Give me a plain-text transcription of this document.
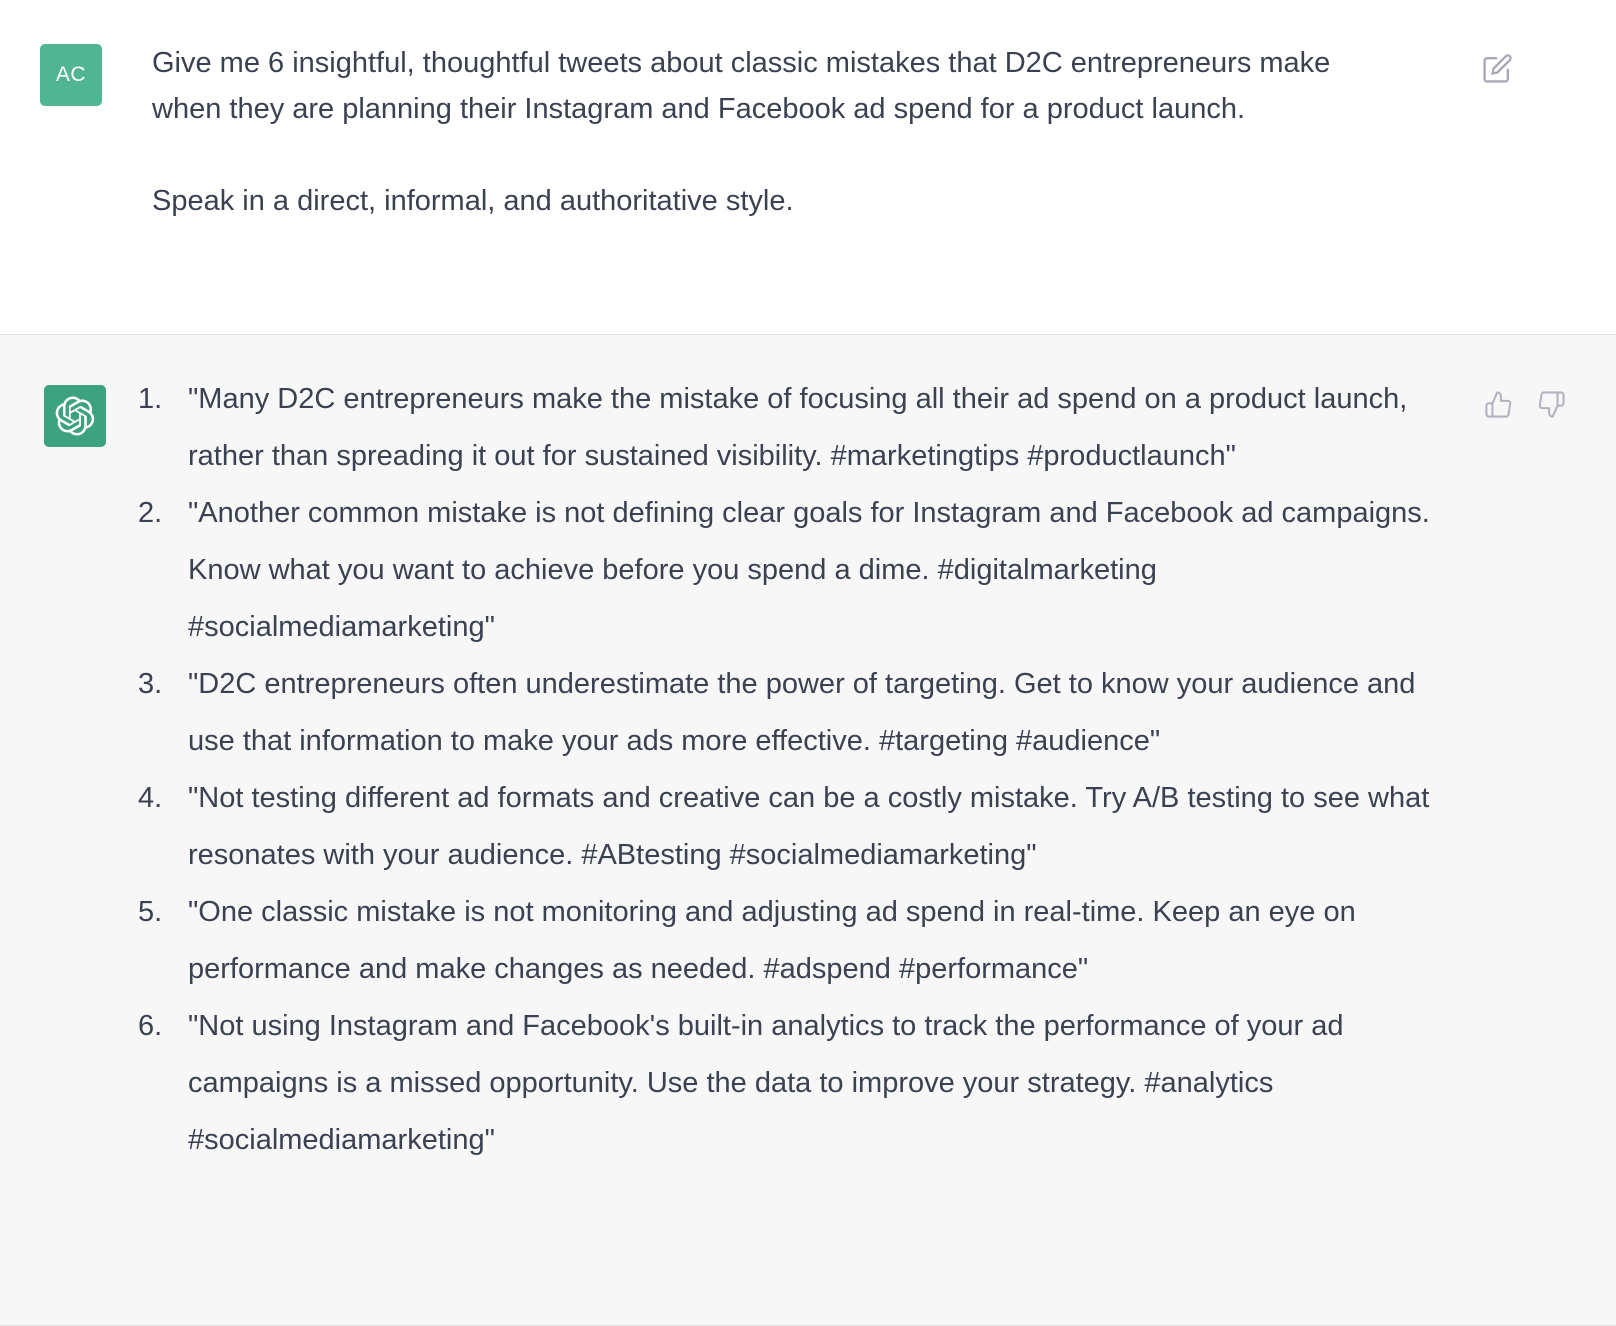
AC Give me 6 insightful, thoughtful tweets about classic mistakes that D2C entrepreneurs make when they are planning their Instagram and Facebook ad spend for a product launch.

Speak in a direct, informal, and authoritative style.

1. "Many D2C entrepreneurs make the mistake of focusing all their ad spend on a product launch, rather than spreading it out for sustained visibility. #marketingtips #productlaunch"
2. "Another common mistake is not defining clear goals for Instagram and Facebook ad campaigns. Know what you want to achieve before you spend a dime. #digitalmarketing #socialmediamarketing"
3. "D2C entrepreneurs often underestimate the power of targeting. Get to know your audience and use that information to make your ads more effective. #targeting #audience"
4. "Not testing different ad formats and creative can be a costly mistake. Try A/B testing to see what resonates with your audience. #ABtesting #socialmediamarketing"
5. "One classic mistake is not monitoring and adjusting ad spend in real-time. Keep an eye on performance and make changes as needed. #adspend #performance"
6. "Not using Instagram and Facebook's built-in analytics to track the performance of your ad campaigns is a missed opportunity. Use the data to improve your strategy. #analytics #socialmediamarketing"
